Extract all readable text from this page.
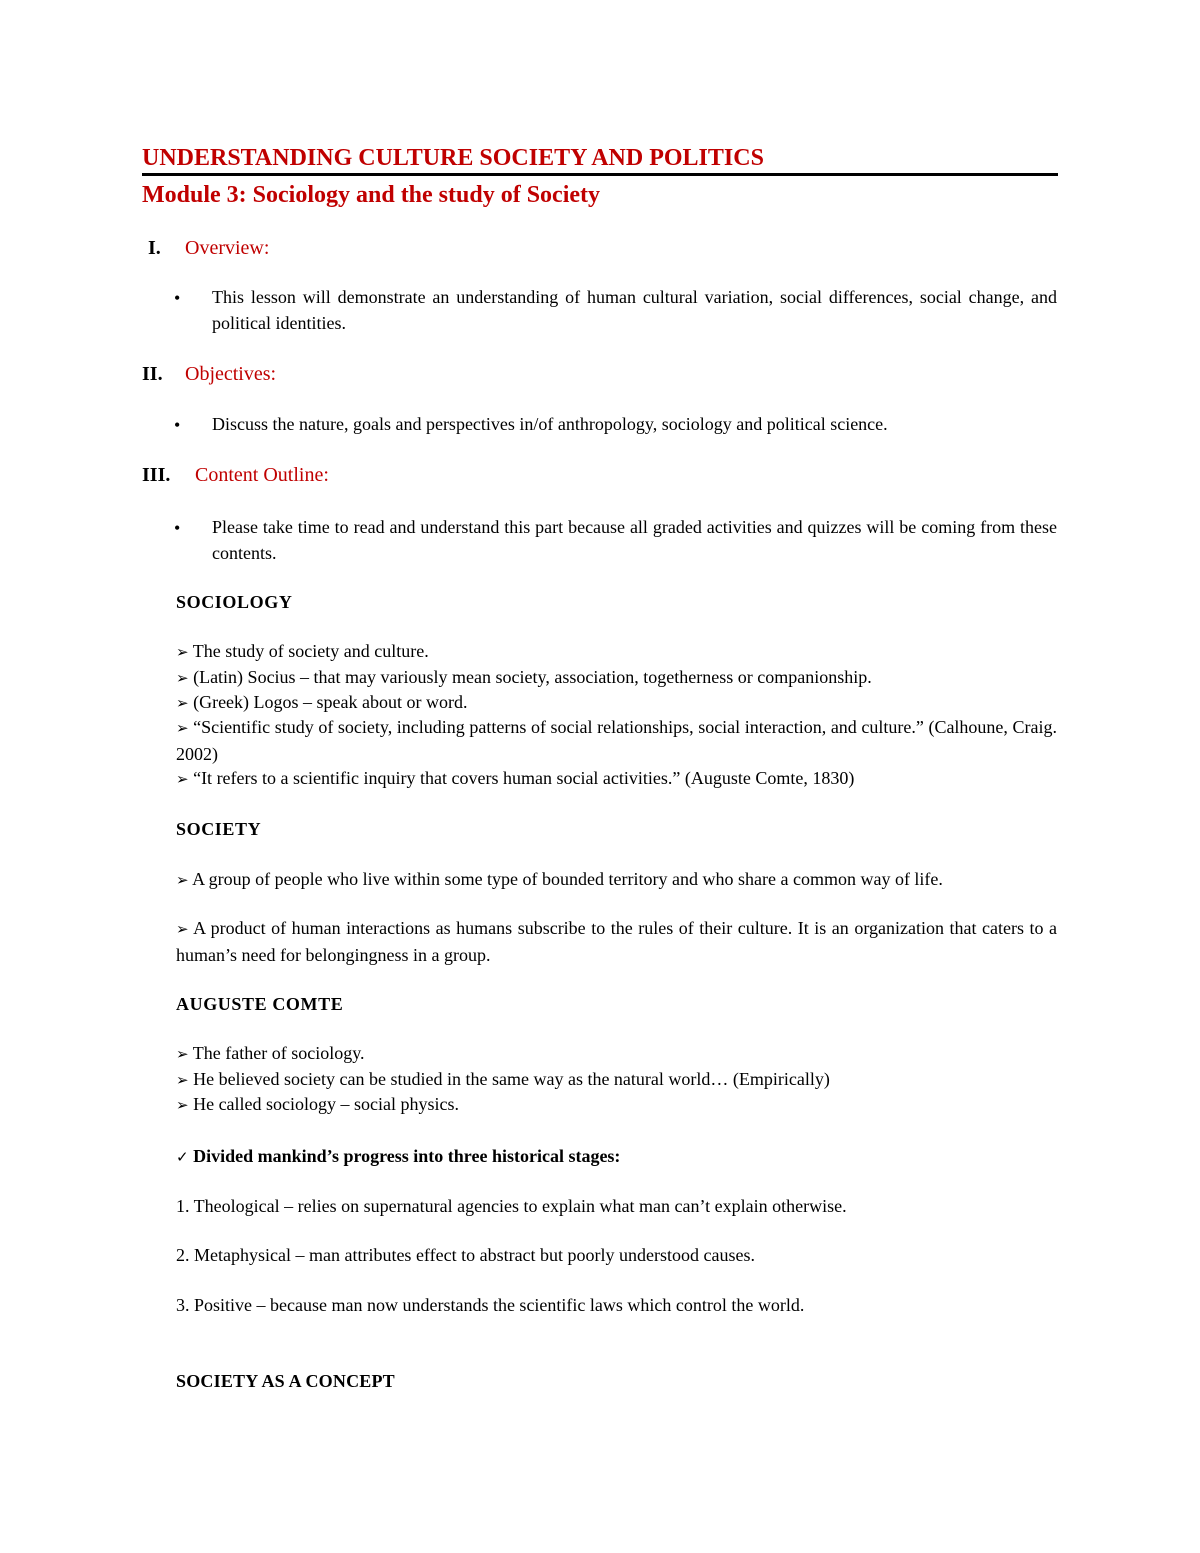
UNDERSTANDING CULTURE SOCIETY AND POLITICS
Module 3: Sociology and the study of Society
I. Overview:
• This lesson will demonstrate an understanding of human cultural variation, social differences, social change, and political identities.
II. Objectives:
• Discuss the nature, goals and perspectives in/of anthropology, sociology and political science.
III. Content Outline:
• Please take time to read and understand this part because all graded activities and quizzes will be coming from these contents.
SOCIOLOGY
➢ The study of society and culture.
➢ (Latin) Socius – that may variously mean society, association, togetherness or companionship.
➢ (Greek) Logos – speak about or word.
➢ “Scientific study of society, including patterns of social relationships, social interaction, and culture.” (Calhoune, Craig. 2002)
➢ “It refers to a scientific inquiry that covers human social activities.” (Auguste Comte, 1830)
SOCIETY
➢ A group of people who live within some type of bounded territory and who share a common way of life.
➢ A product of human interactions as humans subscribe to the rules of their culture. It is an organization that caters to a human’s need for belongingness in a group.
AUGUSTE COMTE
➢ The father of sociology.
➢ He believed society can be studied in the same way as the natural world… (Empirically)
➢ He called sociology – social physics.
✓ Divided mankind’s progress into three historical stages:
1. Theological – relies on supernatural agencies to explain what man can’t explain otherwise.
2. Metaphysical – man attributes effect to abstract but poorly understood causes.
3. Positive – because man now understands the scientific laws which control the world.
SOCIETY AS A CONCEPT
